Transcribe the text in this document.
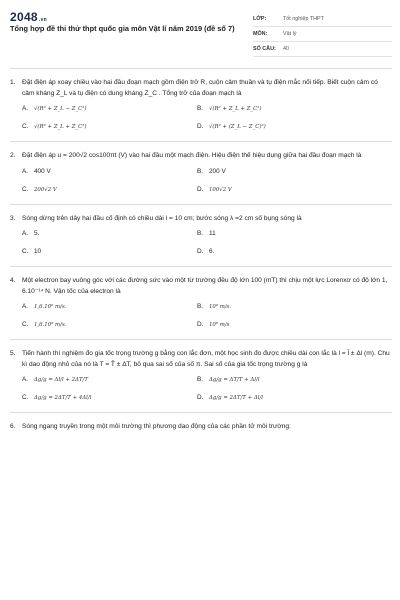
2048.vn
Tổng hợp đề thi thử thpt quốc gia môn Vật lí năm 2019 (đề số 7)
LỚP:	Tốt nghiệp THPT
MÔN:	Vật lý
SỐ CÂU:	40
1. Đặt điện áp xoay chiều vào hai đầu đoạn mạch gồm điện trở R, cuộn cảm thuần và tụ điện mắc nối tiếp. Biết cuộn cảm có cảm kháng Z_L và tụ điện có dung kháng Z_C . Tổng trở của đoạn mạch là
A.	√(R² + Z_L − Z_C²)	B.	√(R² + Z_L + Z_C²)
C.	√(R² + Z_L + Z_C²)	D.	√(R² + (Z_L − Z_C)²)
2. Đặt điện áp u = 200√2 cos100πt (V) vào hai đầu một mạch điện. Hiệu điện thế hiệu dụng giữa hai đầu đoạn mạch là
A. 400 V	B. 200 V
C.	200√2 V	D.	100√2 V
3. Sóng dừng trên dây hai đầu cố định có chiều dài l = 10 cm; bước sóng λ =2 cm số bụng sóng là
A. 5.	B. 11
C. 10	D. 6.
4. Một electron bay vuông góc với các đường sức vào một từ trường đều độ lớn 100 (mT) thì chịu một lực Lorenxơ có độ lớn 1, 6.10⁻¹⁴ N. Vận tốc của electron là
A.	1,6.10⁶ m/s.	B.	10⁹ m/s.
C.	1,6.10⁹ m/s.	D.	10⁶ m/s
5. Tiến hành thí nghiệm đo gia tốc trọng trường g bằng con lắc đơn, một học sinh đo được chiều dài con lắc là l = l̄ ± Δl (m). Chu kì dao động nhỏ của nó là T = T̄ ± ΔT, bỏ qua sai số của số π. Sai số của gia tốc trọng trường g là
A.	Δg/g = Δl/l + 2ΔT/T	B.	Δg/g = ΔT/T + Δl/l
C.	Δg/g = 2ΔT/T + 4Δl/l	D.	Δg/g = 2ΔT/T + Δl/l
6. Sóng ngang truyền trong một môi trường thì phương dao động của các phần tử môi trường:
